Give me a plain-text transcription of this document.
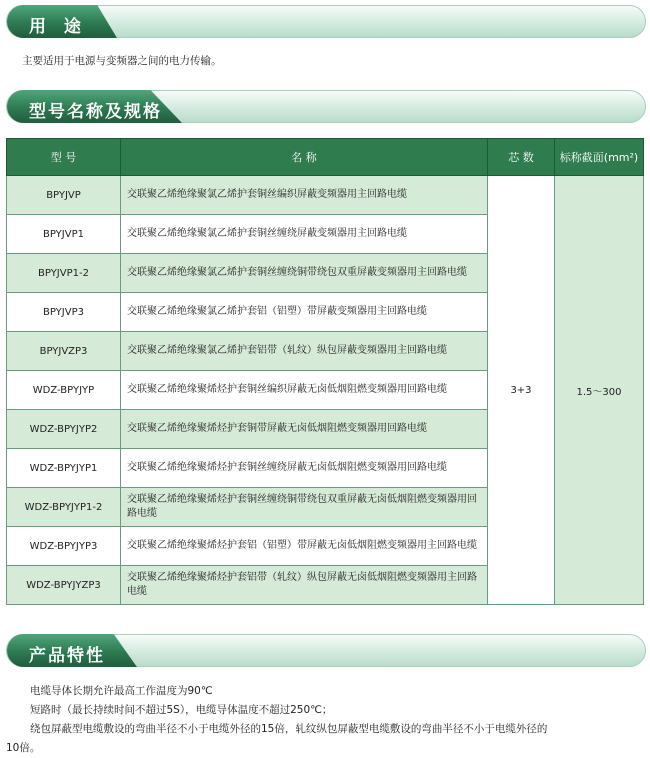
用 途
主要适用于电源与变频器之间的电力传输。
型号名称及规格
型 号	名 称	芯 数	标称截面(mm²)
BPYJVP	交联聚乙烯绝缘聚氯乙烯护套铜丝编织屏蔽变频器用主回路电缆	3+3	1.5～300
BPYJVP1	交联聚乙烯绝缘聚氯乙烯护套铜丝缠绕屏蔽变频器用主回路电缆		
BPYJVP1-2	交联聚乙烯绝缘聚氯乙烯护套铜丝缠绕铜带绕包双重屏蔽变频器用主回路电缆		
BPYJVP3	交联聚乙烯绝缘聚氯乙烯护套铝（铝塑）带屏蔽变频器用主回路电缆		
BPYJVZP3	交联聚乙烯绝缘聚氯乙烯护套铝带（轧纹）纵包屏蔽变频器用主回路电缆		
WDZ-BPYJYP	交联聚乙烯绝缘聚烯烃护套铜丝编织屏蔽无卤低烟阻燃变频器用回路电缆		
WDZ-BPYJYP2	交联聚乙烯绝缘聚烯烃护套铜带屏蔽无卤低烟阻燃变频器用回路电缆		
WDZ-BPYJYP1	交联聚乙烯绝缘聚烯烃护套铜丝缠绕屏蔽无卤低烟阻燃变频器用回路电缆		
WDZ-BPYJYP1-2	交联聚乙烯绝缘聚烯烃护套铜丝缠绕铜带绕包双重屏蔽无卤低烟阻燃变频器用回路电缆		
WDZ-BPYJYP3	交联聚乙烯绝缘聚烯烃护套铝（铝塑）带屏蔽无卤低烟阻燃变频器用主回路电缆		
WDZ-BPYJYZP3	交联聚乙烯绝缘聚烯烃护套铝带（轧纹）纵包屏蔽无卤低烟阻燃变频器用主回路电缆		
产品特性

电缆导体长期允许最高工作温度为90℃

短路时（最长持续时间不超过5S），电缆导体温度不超过250℃；

绕包屏蔽型电缆敷设的弯曲半径不小于电缆外径的15倍，轧纹纵包屏蔽型电缆敷设的弯曲半径不小于电缆外径的

10倍。
